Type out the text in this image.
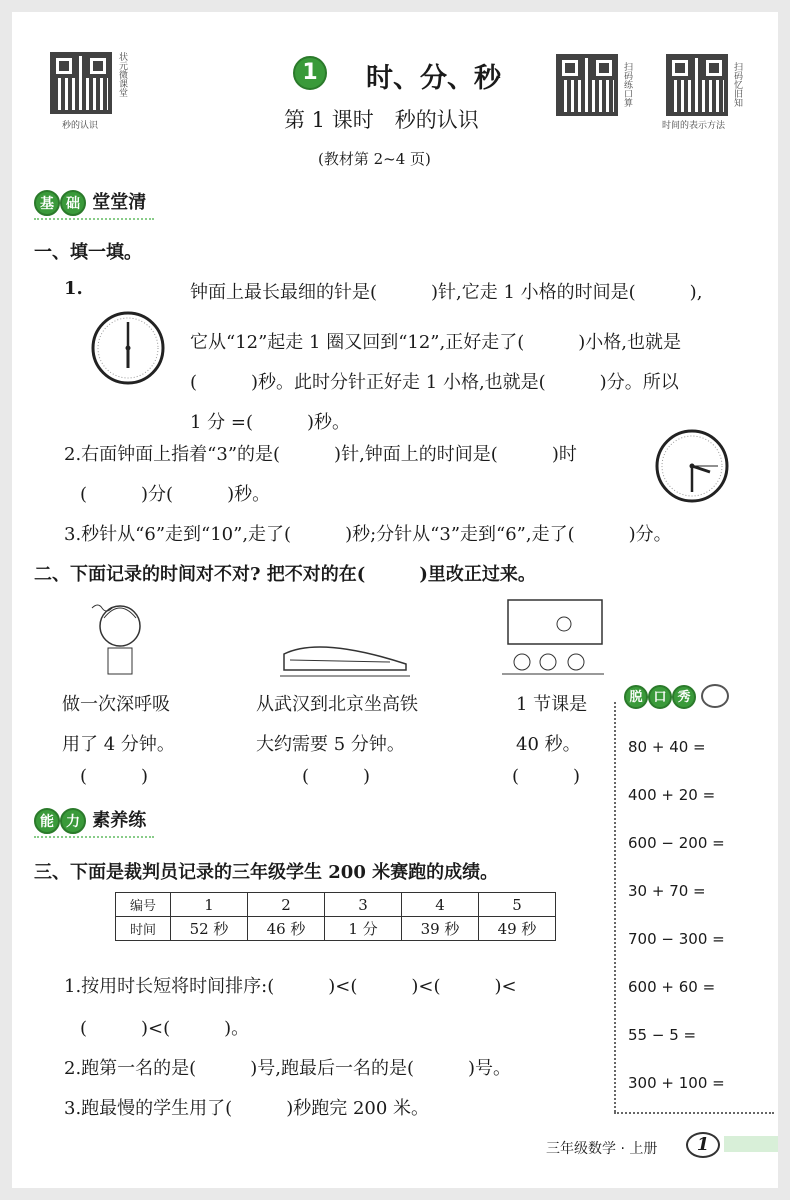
状元微课堂
秒的认识
扫码练口算	扫码忆旧知
时间的表示方法
1	时、分、秒
第 1 课时　秒的认识
(教材第 2~4 页)
基 础 堂堂清
一、填一填。
1.	钟面上最长最细的针是(　　　)针,它走 1 小格的时间是(　　　),
它从“12”起走 1 圈又回到“12”,正好走了(　　　)小格,也就是
(　　　)秒。此时分针正好走 1 小格,也就是(　　　)分。所以
1 分 =(　　　)秒。
2.右面钟面上指着“3”的是(　　　)针,钟面上的时间是(　　　)时
(　　　)分(　　　)秒。
3.秒针从“6”走到“10”,走了(　　　)秒;分针从“3”走到“6”,走了(　　　)分。
二、下面记录的时间对不对? 把不对的在(　　　)里改正过来。
做一次深呼吸
用了 4 分钟。
(　　　)
从武汉到北京坐高铁
大约需要 5 分钟。
(　　　)
1 节课是
40 秒。
(　　　)
脱 口 秀
80 + 40 =
400 + 20 =
600 − 200 =
30 + 70 =
700 − 300 =
600 + 60 =
55 − 5 =
300 + 100 =
能 力 素养练
三、下面是裁判员记录的三年级学生 200 米赛跑的成绩。
编号	1	2	3	4	5
时间	52 秒	46 秒	1 分	39 秒	49 秒
1.按用时长短将时间排序:(　　　)<(　　　)<(　　　)<
(　　　)<(　　　)。
2.跑第一名的是(　　　)号,跑最后一名的是(　　　)号。
3.跑最慢的学生用了(　　　)秒跑完 200 米。
三年级数学 · 上册	1
